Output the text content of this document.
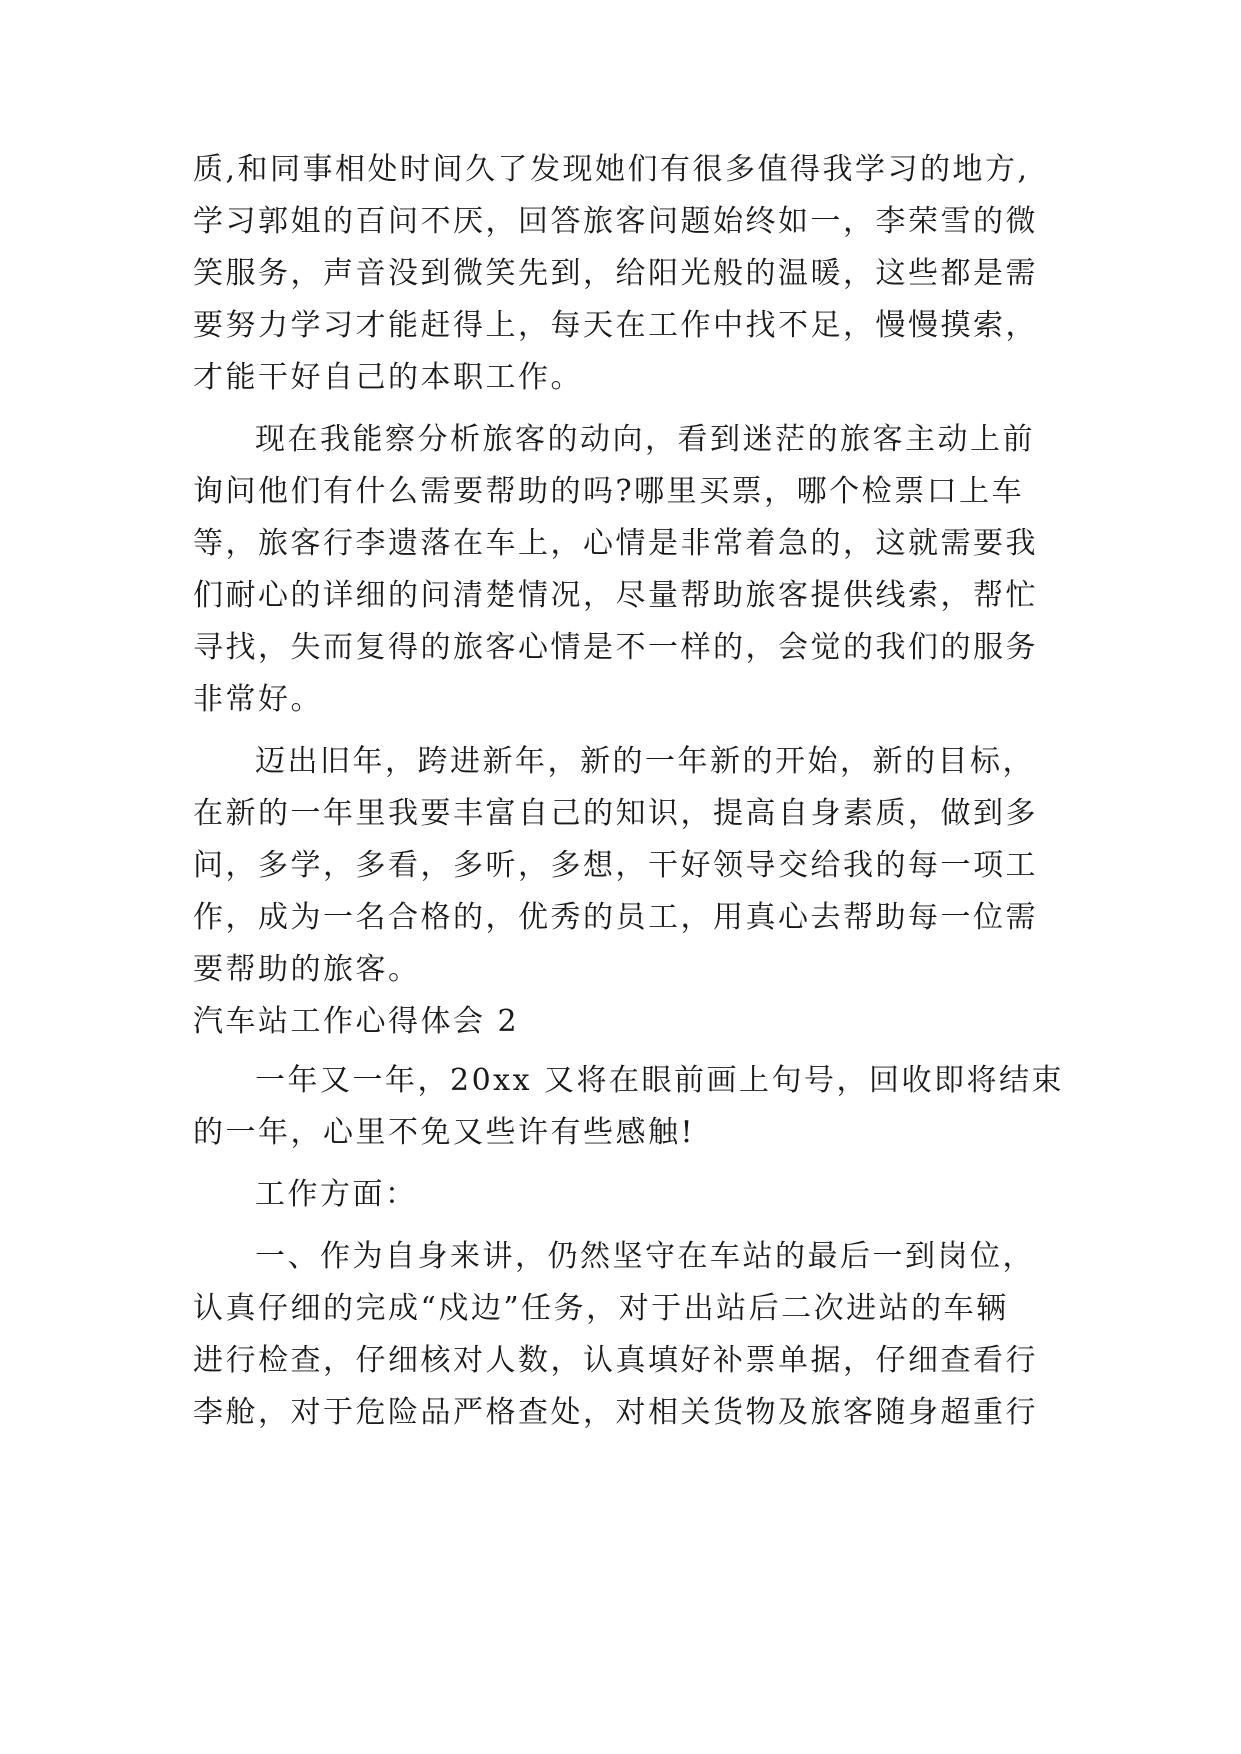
质,和同事相处时间久了发现她们有很多值得我学习的地方,
学习郭姐的百问不厌，回答旅客问题始终如一，李荣雪的微
笑服务，声音没到微笑先到，给阳光般的温暖，这些都是需
要努力学习才能赶得上，每天在工作中找不足，慢慢摸索，
才能干好自己的本职工作。
现在我能察分析旅客的动向，看到迷茫的旅客主动上前
询问他们有什么需要帮助的吗?哪里买票，哪个检票口上车
等，旅客行李遗落在车上，心情是非常着急的，这就需要我
们耐心的详细的问清楚情况，尽量帮助旅客提供线索，帮忙
寻找，失而复得的旅客心情是不一样的，会觉的我们的服务
非常好。
迈出旧年，跨进新年，新的一年新的开始，新的目标，
在新的一年里我要丰富自己的知识，提高自身素质，做到多
问，多学，多看，多听，多想，干好领导交给我的每一项工
作，成为一名合格的，优秀的员工，用真心去帮助每一位需
要帮助的旅客。
汽车站工作心得体会 2
一年又一年，20xx 又将在眼前画上句号，回收即将结束
的一年，心里不免又些许有些感触!
工作方面：
一、作为自身来讲，仍然坚守在车站的最后一到岗位，
认真仔细的完成“戍边”任务，对于出站后二次进站的车辆
进行检查，仔细核对人数，认真填好补票单据，仔细查看行
李舱，对于危险品严格查处，对相关货物及旅客随身超重行
